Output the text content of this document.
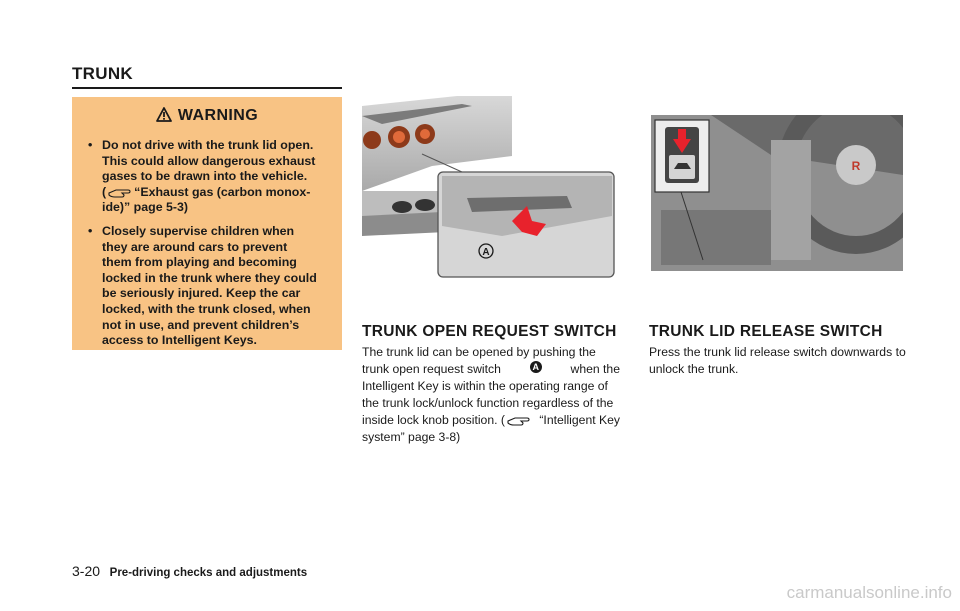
TRUNK
WARNING
• Do not drive with the trunk lid open.
This could allow dangerous exhaust
gases to be drawn into the vehicle.
( “Exhaust gas (carbon monox-
ide)” page 5-3)
• Closely supervise children when
they are around cars to prevent
them from playing and becoming
locked in the trunk where they could
be seriously injured. Keep the car
locked, with the trunk closed, when
not in use, and prevent children’s
access to Intelligent Keys.
A
R
TRUNK OPEN REQUEST SWITCH
The trunk lid can be opened by pushing the
trunk open request switch	A	when the
Intelligent Key is within the operating range of
the trunk lock/unlock function regardless of the
inside lock knob position. (	“Intelligent Key
system” page 3-8)
TRUNK LID RELEASE SWITCH
Press the trunk lid release switch downwards to
unlock the trunk.
3-20 Pre-driving checks and adjustments
carmanualsonline.info
